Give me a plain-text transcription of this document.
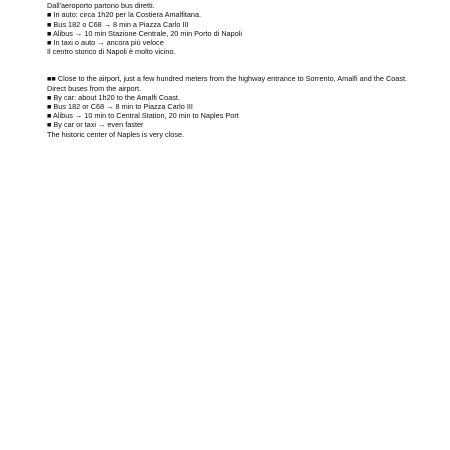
Dall'aeroporto partono bus diretti.
■ In auto: circa 1h20 per la Costiera Amalfitana.
■ Bus 182 o C68 → 8 min a Piazza Carlo III
■ Alibus → 10 min Stazione Centrale, 20 min Porto di Napoli
■ In taxi o auto → ancora più veloce
Il centro storico di Napoli è molto vicino.
■■ Close to the airport, just a few hundred meters from the highway entrance to Sorrento, Amalfi and the Coast.
Direct buses from the airport.
■ By car: about 1h20 to the Amalfi Coast.
■ Bus 182 or C68 → 8 min to Piazza Carlo III
■ Alibus → 10 min to Central Station, 20 min to Naples Port
■ By car or taxi → even faster
The historic center of Naples is very close.
